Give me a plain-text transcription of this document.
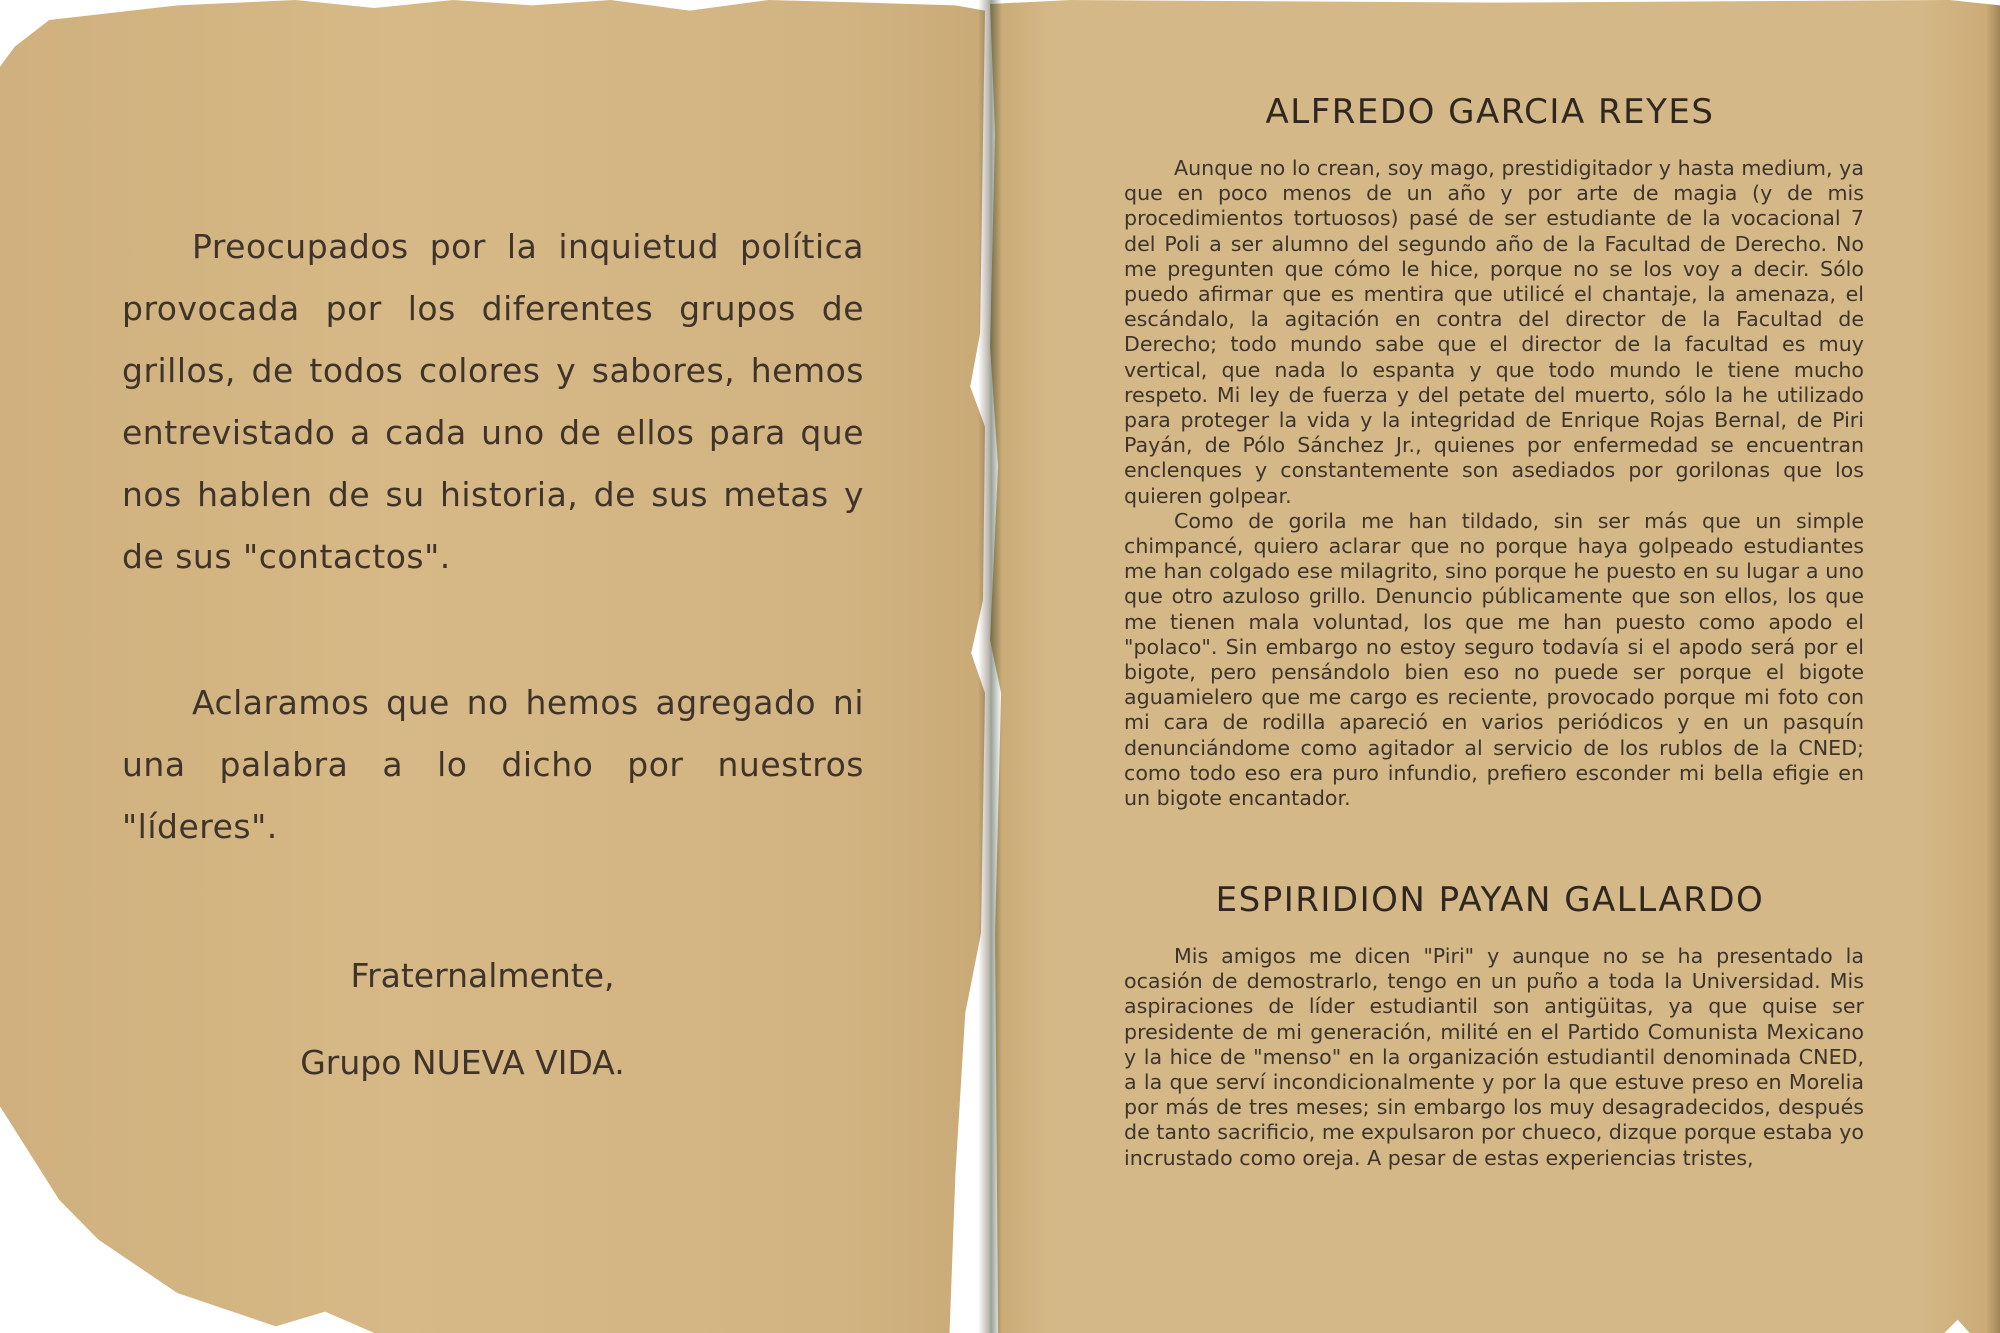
Preocupados por la inquietud política provocada por los diferentes grupos de grillos, de todos colores y sabores, hemos entrevistado a cada uno de ellos para que nos hablen de su historia, de sus metas y de sus "contactos".

Aclaramos que no hemos agregado ni una palabra a lo dicho por nuestros "líderes".

Fraternalmente,

Grupo NUEVA VIDA.

ALFREDO GARCIA REYES

Aunque no lo crean, soy mago, prestidigitador y hasta medium, ya que en poco menos de un año y por arte de magia (y de mis procedimientos tortuosos) pasé de ser estudiante de la vocacional 7 del Poli a ser alumno del segundo año de la Facultad de Derecho. No me pregunten que cómo le hice, porque no se los voy a decir. Sólo puedo afirmar que es mentira que utilicé el chantaje, la amenaza, el escándalo, la agitación en contra del director de la Facultad de Derecho; todo mundo sabe que el director de la facultad es muy vertical, que nada lo espanta y que todo mundo le tiene mucho respeto. Mi ley de fuerza y del petate del muerto, sólo la he utilizado para proteger la vida y la integridad de Enrique Rojas Bernal, de Piri Payán, de Pólo Sánchez Jr., quienes por enfermedad se encuentran enclenques y constantemente son asediados por gorilonas que los quieren golpear.

Como de gorila me han tildado, sin ser más que un simple chimpancé, quiero aclarar que no porque haya golpeado estudiantes me han colgado ese milagrito, sino porque he puesto en su lugar a uno que otro azuloso grillo. Denuncio públicamente que son ellos, los que me tienen mala voluntad, los que me han puesto como apodo el "polaco". Sin embargo no estoy seguro todavía si el apodo será por el bigote, pero pensándolo bien eso no puede ser porque el bigote aguamielero que me cargo es reciente, provocado porque mi foto con mi cara de rodilla apareció en varios periódicos y en un pasquín denunciándome como agitador al servicio de los rublos de la CNED; como todo eso era puro infundio, prefiero esconder mi bella efigie en un bigote encantador.

ESPIRIDION PAYAN GALLARDO

Mis amigos me dicen "Piri" y aunque no se ha presentado la ocasión de demostrarlo, tengo en un puño a toda la Universidad. Mis aspiraciones de líder estudiantil son antigüitas, ya que quise ser presidente de mi generación, milité en el Partido Comunista Mexicano y la hice de "menso" en la organización estudiantil denominada CNED, a la que serví incondicionalmente y por la que estuve preso en Morelia por más de tres meses; sin embargo los muy desagradecidos, después de tanto sacrificio, me expulsaron por chueco, dizque porque estaba yo incrustado como oreja. A pesar de estas experiencias tristes,
